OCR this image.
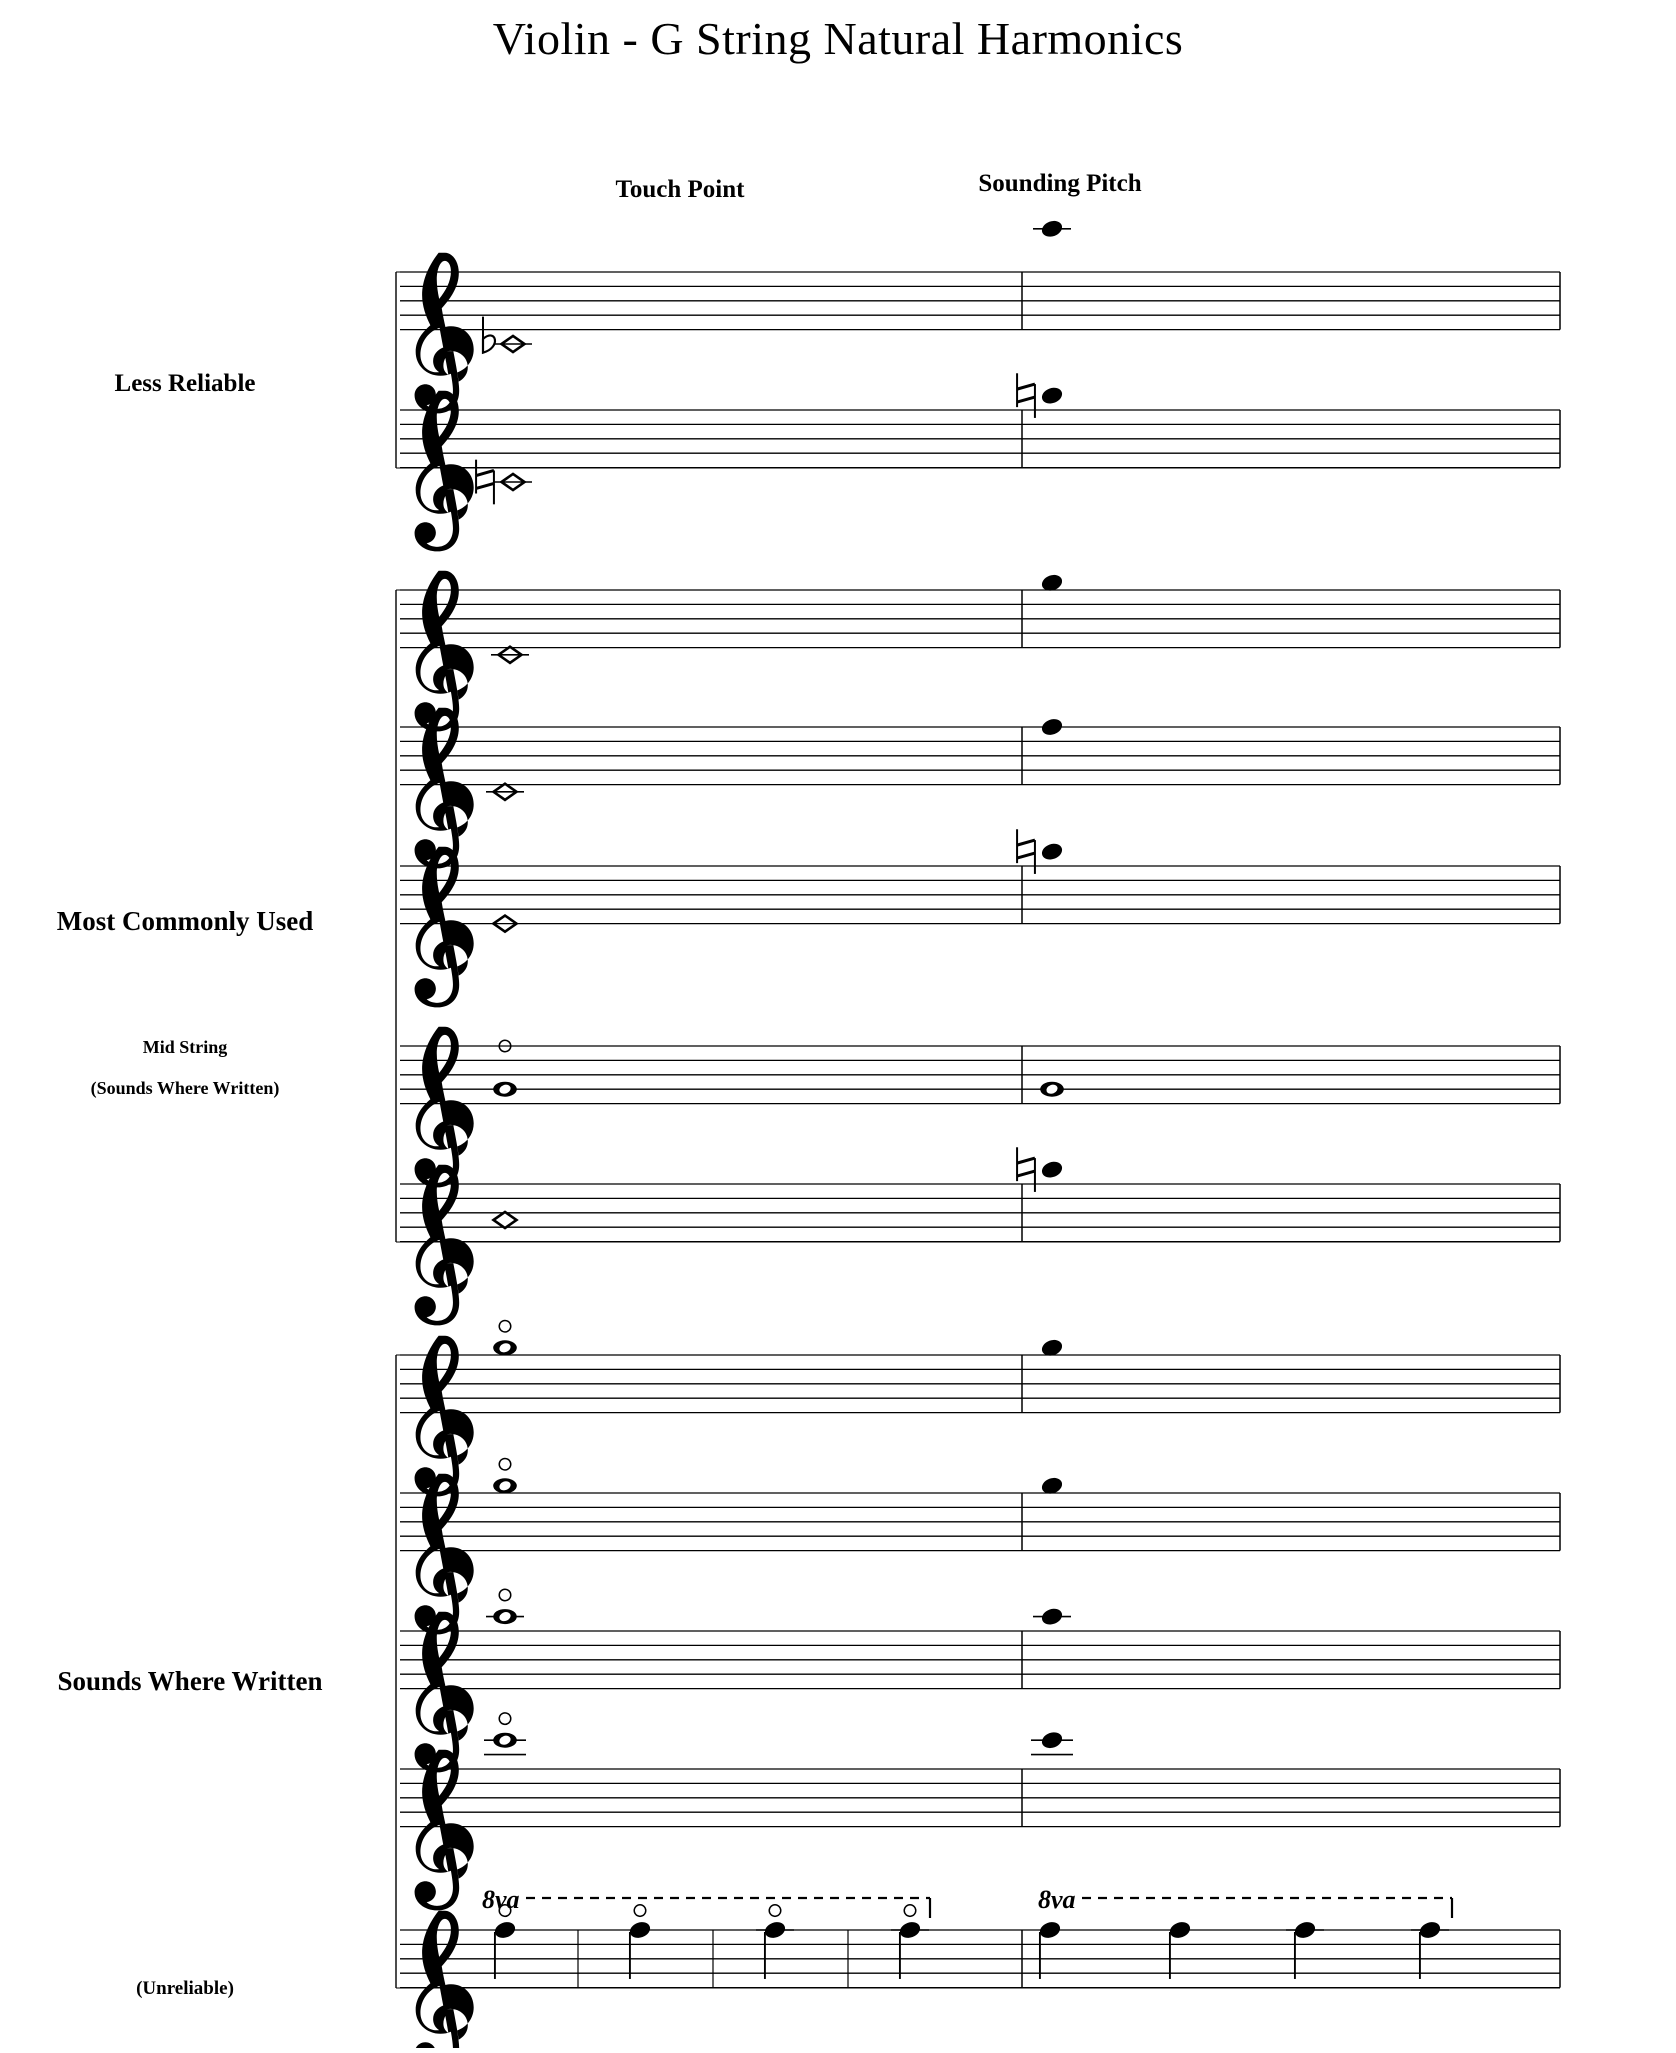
Violin - G String Natural Harmonics
Touch Point	Sounding Pitch
Less Reliable
Most Commonly Used
Mid String
(Sounds Where Written)
Sounds Where Written
(Unreliable)
8va	8va
